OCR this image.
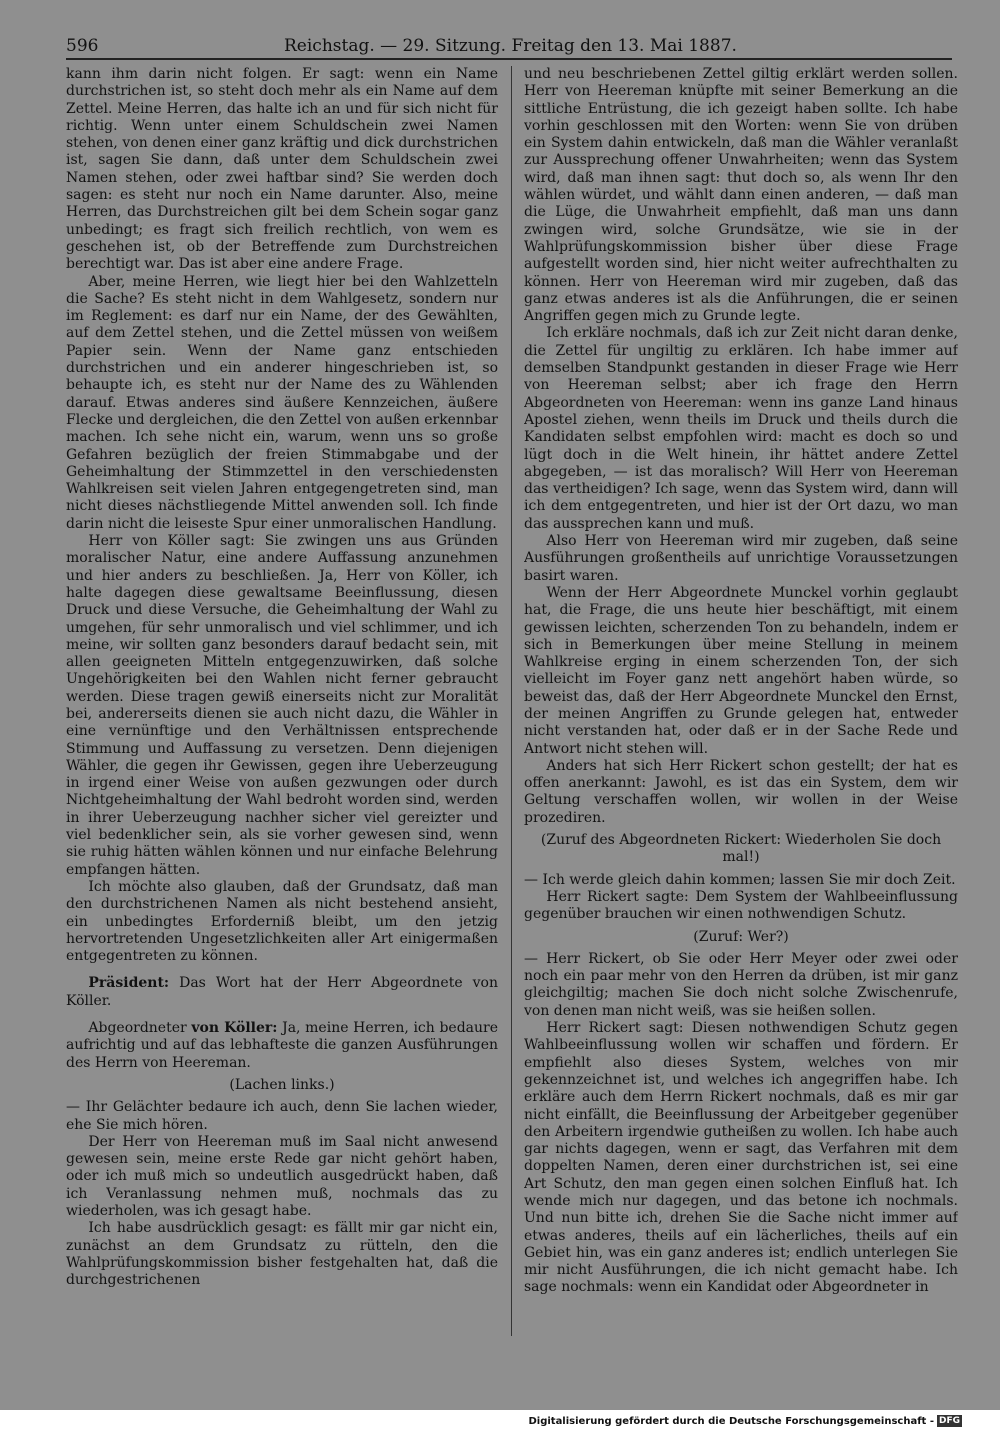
596	Reichstag. — 29. Sitzung. Freitag den 13. Mai 1887.

kann ihm darin nicht folgen. Er sagt: wenn ein Name durchstrichen ist, so steht doch mehr als ein Name auf dem Zettel. Meine Herren, das halte ich an und für sich nicht für richtig. Wenn unter einem Schuldschein zwei Namen stehen, von denen einer ganz kräftig und dick durchstrichen ist, sagen Sie dann, daß unter dem Schuldschein zwei Namen stehen, oder zwei haftbar sind? Sie werden doch sagen: es steht nur noch ein Name darunter. Also, meine Herren, das Durchstreichen gilt bei dem Schein sogar ganz unbedingt; es fragt sich freilich rechtlich, von wem es geschehen ist, ob der Betreffende zum Durchstreichen berechtigt war. Das ist aber eine andere Frage.

Aber, meine Herren, wie liegt hier bei den Wahlzetteln die Sache? Es steht nicht in dem Wahlgesetz, sondern nur im Reglement: es darf nur ein Name, der des Gewählten, auf dem Zettel stehen, und die Zettel müssen von weißem Papier sein. Wenn der Name ganz entschieden durchstrichen und ein anderer hingeschrieben ist, so behaupte ich, es steht nur der Name des zu Wählenden darauf. Etwas anderes sind äußere Kennzeichen, äußere Flecke und dergleichen, die den Zettel von außen erkennbar machen. Ich sehe nicht ein, warum, wenn uns so große Gefahren bezüglich der freien Stimmabgabe und der Geheimhaltung der Stimmzettel in den verschiedensten Wahlkreisen seit vielen Jahren entgegengetreten sind, man nicht dieses nächstliegende Mittel anwenden soll. Ich finde darin nicht die leiseste Spur einer unmoralischen Handlung.

Herr von Köller sagt: Sie zwingen uns aus Gründen moralischer Natur, eine andere Auffassung anzunehmen und hier anders zu beschließen. Ja, Herr von Köller, ich halte dagegen diese gewaltsame Beeinflussung, diesen Druck und diese Versuche, die Geheimhaltung der Wahl zu umgehen, für sehr unmoralisch und viel schlimmer, und ich meine, wir sollten ganz besonders darauf bedacht sein, mit allen geeigneten Mitteln entgegenzuwirken, daß solche Ungehörigkeiten bei den Wahlen nicht ferner gebraucht werden. Diese tragen gewiß einerseits nicht zur Moralität bei, andererseits dienen sie auch nicht dazu, die Wähler in eine vernünftige und den Verhältnissen entsprechende Stimmung und Auffassung zu versetzen. Denn diejenigen Wähler, die gegen ihr Gewissen, gegen ihre Ueberzeugung in irgend einer Weise von außen gezwungen oder durch Nichtgeheimhaltung der Wahl bedroht worden sind, werden in ihrer Ueberzeugung nachher sicher viel gereizter und viel bedenklicher sein, als sie vorher gewesen sind, wenn sie ruhig hätten wählen können und nur einfache Belehrung empfangen hätten.

Ich möchte also glauben, daß der Grundsatz, daß man den durchstrichenen Namen als nicht bestehend ansieht, ein unbedingtes Erforderniß bleibt, um den jetzig hervortretenden Ungesetzlichkeiten aller Art einigermaßen entgegentreten zu können.

Präsident: Das Wort hat der Herr Abgeordnete von Köller.

Abgeordneter von Köller: Ja, meine Herren, ich bedaure aufrichtig und auf das lebhafteste die ganzen Ausführungen des Herrn von Heereman.

(Lachen links.)

— Ihr Gelächter bedaure ich auch, denn Sie lachen wieder, ehe Sie mich hören.

Der Herr von Heereman muß im Saal nicht anwesend gewesen sein, meine erste Rede gar nicht gehört haben, oder ich muß mich so undeutlich ausgedrückt haben, daß ich Veranlassung nehmen muß, nochmals das zu wiederholen, was ich gesagt habe.

Ich habe ausdrücklich gesagt: es fällt mir gar nicht ein, zunächst an dem Grundsatz zu rütteln, den die Wahlprüfungskommission bisher festgehalten hat, daß die durchgestrichenen

und neu beschriebenen Zettel giltig erklärt werden sollen. Herr von Heereman knüpfte mit seiner Bemerkung an die sittliche Entrüstung, die ich gezeigt haben sollte. Ich habe vorhin geschlossen mit den Worten: wenn Sie von drüben ein System dahin entwickeln, daß man die Wähler veranlaßt zur Aussprechung offener Unwahrheiten; wenn das System wird, daß man ihnen sagt: thut doch so, als wenn Ihr den wählen würdet, und wählt dann einen anderen, — daß man die Lüge, die Unwahrheit empfiehlt, daß man uns dann zwingen wird, solche Grundsätze, wie sie in der Wahlprüfungskommission bisher über diese Frage aufgestellt worden sind, hier nicht weiter aufrechthalten zu können. Herr von Heereman wird mir zugeben, daß das ganz etwas anderes ist als die Anführungen, die er seinen Angriffen gegen mich zu Grunde legte.

Ich erkläre nochmals, daß ich zur Zeit nicht daran denke, die Zettel für ungiltig zu erklären. Ich habe immer auf demselben Standpunkt gestanden in dieser Frage wie Herr von Heereman selbst; aber ich frage den Herrn Abgeordneten von Heereman: wenn ins ganze Land hinaus Apostel ziehen, wenn theils im Druck und theils durch die Kandidaten selbst empfohlen wird: macht es doch so und lügt doch in die Welt hinein, ihr hättet andere Zettel abgegeben, — ist das moralisch? Will Herr von Heereman das vertheidigen? Ich sage, wenn das System wird, dann will ich dem entgegentreten, und hier ist der Ort dazu, wo man das aussprechen kann und muß.

Also Herr von Heereman wird mir zugeben, daß seine Ausführungen großentheils auf unrichtige Voraussetzungen basirt waren.

Wenn der Herr Abgeordnete Munckel vorhin geglaubt hat, die Frage, die uns heute hier beschäftigt, mit einem gewissen leichten, scherzenden Ton zu behandeln, indem er sich in Bemerkungen über meine Stellung in meinem Wahlkreise erging in einem scherzenden Ton, der sich vielleicht im Foyer ganz nett angehört haben würde, so beweist das, daß der Herr Abgeordnete Munckel den Ernst, der meinen Angriffen zu Grunde gelegen hat, entweder nicht verstanden hat, oder daß er in der Sache Rede und Antwort nicht stehen will.

Anders hat sich Herr Rickert schon gestellt; der hat es offen anerkannt: Jawohl, es ist das ein System, dem wir Geltung verschaffen wollen, wir wollen in der Weise prozediren.

(Zuruf des Abgeordneten Rickert: Wiederholen Sie doch mal!)

— Ich werde gleich dahin kommen; lassen Sie mir doch Zeit.

Herr Rickert sagte: Dem System der Wahlbeeinflussung gegenüber brauchen wir einen nothwendigen Schutz.

(Zuruf: Wer?)

— Herr Rickert, ob Sie oder Herr Meyer oder zwei oder noch ein paar mehr von den Herren da drüben, ist mir ganz gleichgiltig; machen Sie doch nicht solche Zwischenrufe, von denen man nicht weiß, was sie heißen sollen.

Herr Rickert sagt: Diesen nothwendigen Schutz gegen Wahlbeeinflussung wollen wir schaffen und fördern. Er empfiehlt also dieses System, welches von mir gekennzeichnet ist, und welches ich angegriffen habe. Ich erkläre auch dem Herrn Rickert nochmals, daß es mir gar nicht einfällt, die Beeinflussung der Arbeitgeber gegenüber den Arbeitern irgendwie gutheißen zu wollen. Ich habe auch gar nichts dagegen, wenn er sagt, das Verfahren mit dem doppelten Namen, deren einer durchstrichen ist, sei eine Art Schutz, den man gegen einen solchen Einfluß hat. Ich wende mich nur dagegen, und das betone ich nochmals. Und nun bitte ich, drehen Sie die Sache nicht immer auf etwas anderes, theils auf ein lächerliches, theils auf ein Gebiet hin, was ein ganz anderes ist; endlich unterlegen Sie mir nicht Ausführungen, die ich nicht gemacht habe. Ich sage nochmals: wenn ein Kandidat oder Abgeordneter in

Digitalisierung gefördert durch die Deutsche Forschungsgemeinschaft - DFG
